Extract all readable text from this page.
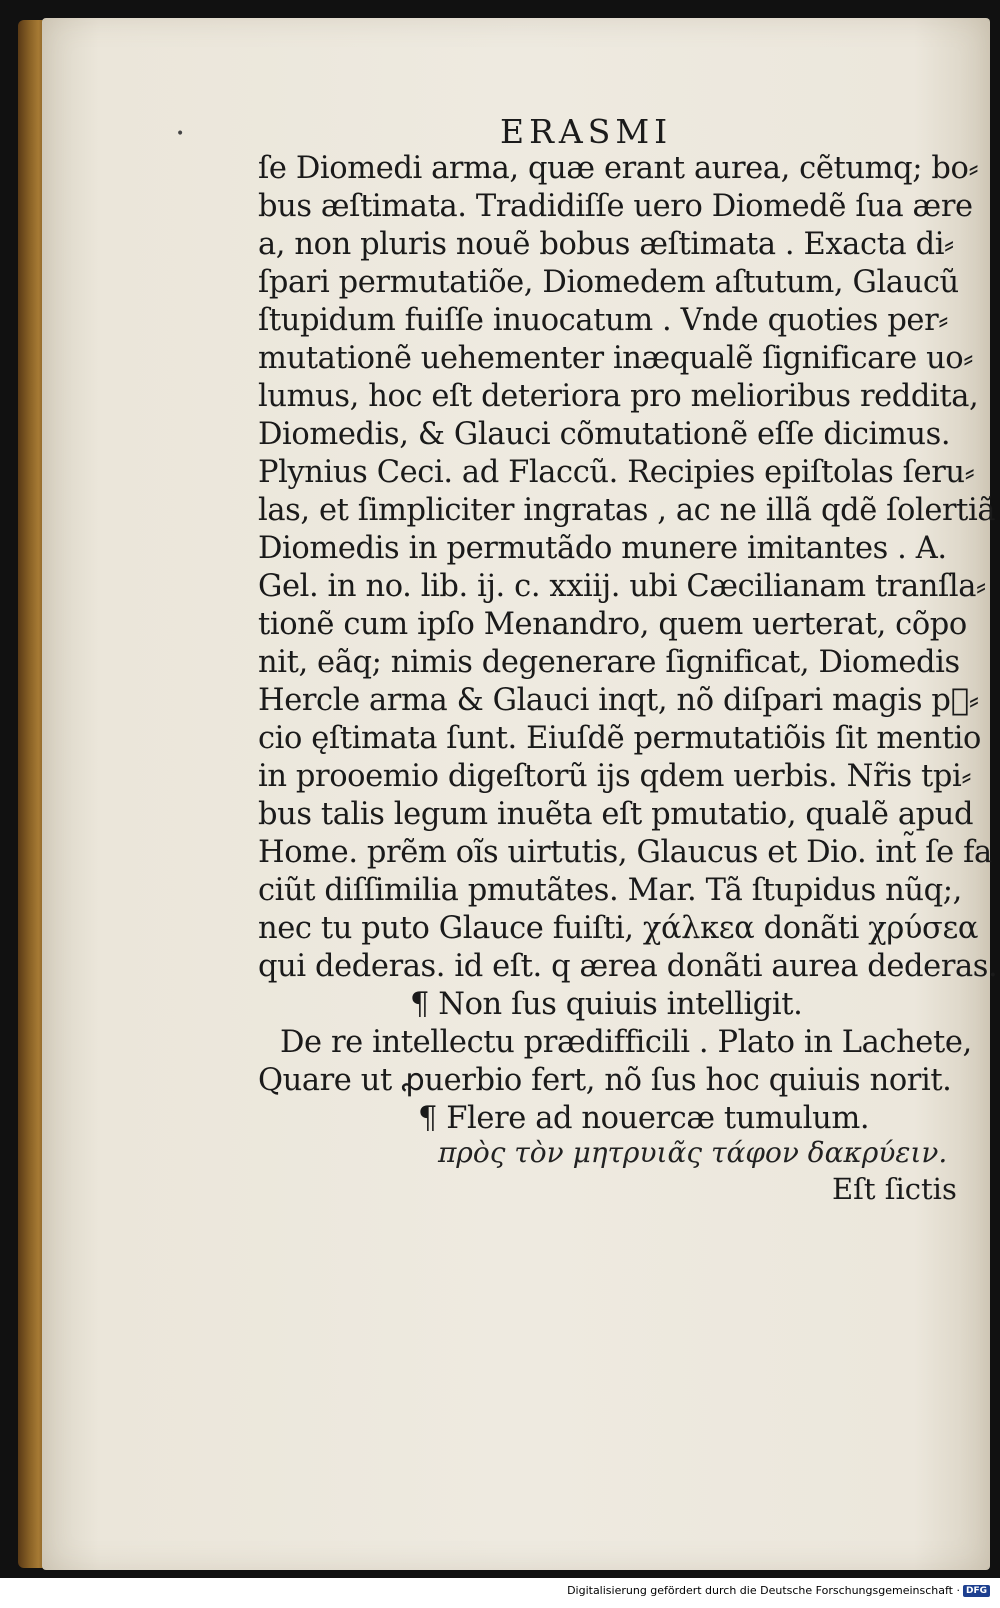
•	ERASMI
ſe Diomedi arma, quæ erant aurea, cẽtumq; bo⸗
bus æſtimata. Tradidiſſe uero Diomedẽ ſua ære
a, non pluris nouẽ bobus æſtimata . Exacta di⸗
ſpari permutatiõe, Diomedem aſtutum, Glaucũ
ſtupidum fuiſſe inuocatum . Vnde quoties per⸗
mutationẽ uehementer inæqualẽ ſignificare uo⸗
lumus, hoc eſt deteriora pro melioribus reddita,
Diomedis, & Glauci cõmutationẽ eſſe dicimus.
Plynius Ceci. ad Flaccũ. Recipies epiſtolas ſeru⸗
las, et ſimpliciter ingratas , ac ne illã qdẽ ſolertiã
Diomedis in permutãdo munere imitantes . A.
Gel. in no. lib. ij. c. xxiij. ubi Cæcilianam tranſla⸗
tionẽ cum ipſo Menandro, quem uerterat, cõpo
nit, eãq; nimis degenerare ſignificat, Diomedis
Hercle arma & Glauci inqt, nõ diſpari magis pᷓ⸗
cio ęſtimata ſunt. Eiuſdẽ permutatiõis ſit mentio
in prooemio digeſtorũ ijs qdem uerbis. Nr̃is tpi⸗
bus talis legum inuẽta eſt pmutatio, qualẽ apud
Home. prẽm oĩs uirtutis, Glaucus et Dio. int̃ ſe fa
ciũt diſſimilia pmutãtes. Mar. Tã ſtupidus nũq;,
nec tu puto Glauce fuiſti, χάλκεα donãti χρύσεα
qui dederas. id eſt. q ærea donãti aurea dederas.
¶ Non ſus quiuis intelligit.
De re intellectu prædifficili . Plato in Lachete,
Quare ut ꝓuerbio fert, nõ ſus hoc quiuis norit.
¶ Flere ad nouercæ tumulum.
πρὸς τὸν μητρυιᾶς τάφον δακρύειν.
Eſt ſictis
Digitalisierung gefördert durch die Deutsche Forschungsgemeinschaft · DFG
